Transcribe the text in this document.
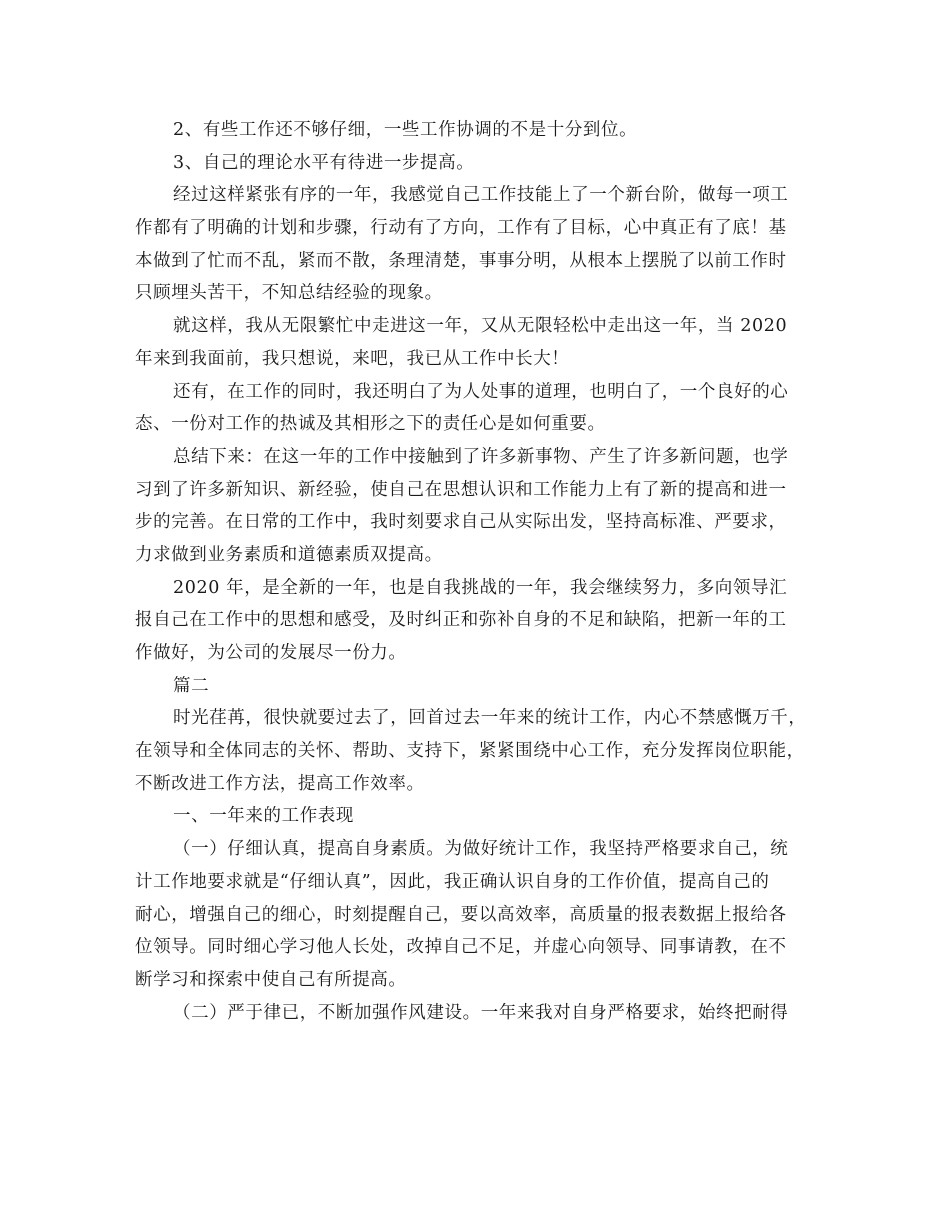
2、有些工作还不够仔细，一些工作协调的不是十分到位。
3、自己的理论水平有待进一步提高。
经过这样紧张有序的一年，我感觉自己工作技能上了一个新台阶，做每一项工
作都有了明确的计划和步骤，行动有了方向，工作有了目标，心中真正有了底！基
本做到了忙而不乱，紧而不散，条理清楚，事事分明，从根本上摆脱了以前工作时
只顾埋头苦干，不知总结经验的现象。
就这样，我从无限繁忙中走进这一年，又从无限轻松中走出这一年，当 2020
年来到我面前，我只想说，来吧，我已从工作中长大！
还有，在工作的同时，我还明白了为人处事的道理，也明白了，一个良好的心
态、一份对工作的热诚及其相形之下的责任心是如何重要。
总结下来：在这一年的工作中接触到了许多新事物、产生了许多新问题，也学
习到了许多新知识、新经验，使自己在思想认识和工作能力上有了新的提高和进一
步的完善。在日常的工作中，我时刻要求自己从实际出发，坚持高标准、严要求，
力求做到业务素质和道德素质双提高。
2020 年，是全新的一年，也是自我挑战的一年，我会继续努力，多向领导汇
报自己在工作中的思想和感受，及时纠正和弥补自身的不足和缺陷，把新一年的工
作做好，为公司的发展尽一份力。
篇二
时光荏苒，很快就要过去了，回首过去一年来的统计工作，内心不禁感慨万千，
在领导和全体同志的关怀、帮助、支持下，紧紧围绕中心工作，充分发挥岗位职能，
不断改进工作方法，提高工作效率。
一、一年来的工作表现
（一）仔细认真，提高自身素质。为做好统计工作，我坚持严格要求自己，统
计工作地要求就是“仔细认真”，因此，我正确认识自身的工作价值，提高自己的
耐心，增强自己的细心，时刻提醒自己，要以高效率，高质量的报表数据上报给各
位领导。同时细心学习他人长处，改掉自己不足，并虚心向领导、同事请教，在不
断学习和探索中使自己有所提高。
（二）严于律已，不断加强作风建设。一年来我对自身严格要求，始终把耐得
